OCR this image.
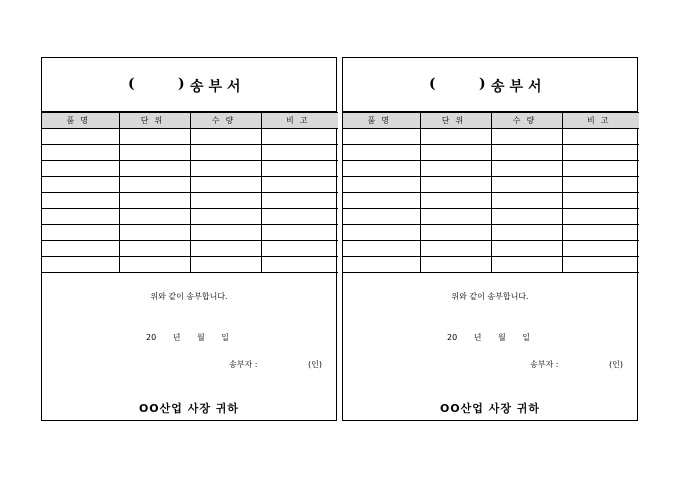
(	) 송부서
품명	단위	수량	비고

위와 같이 송부합니다.
20 년 월 일
송부자 :	(인)
OO산업 사장 귀하
(	) 송부서
품명	단위	수량	비고

위와 같이 송부합니다.
20 년 월 일
송부자 :	(인)
OO산업 사장 귀하
